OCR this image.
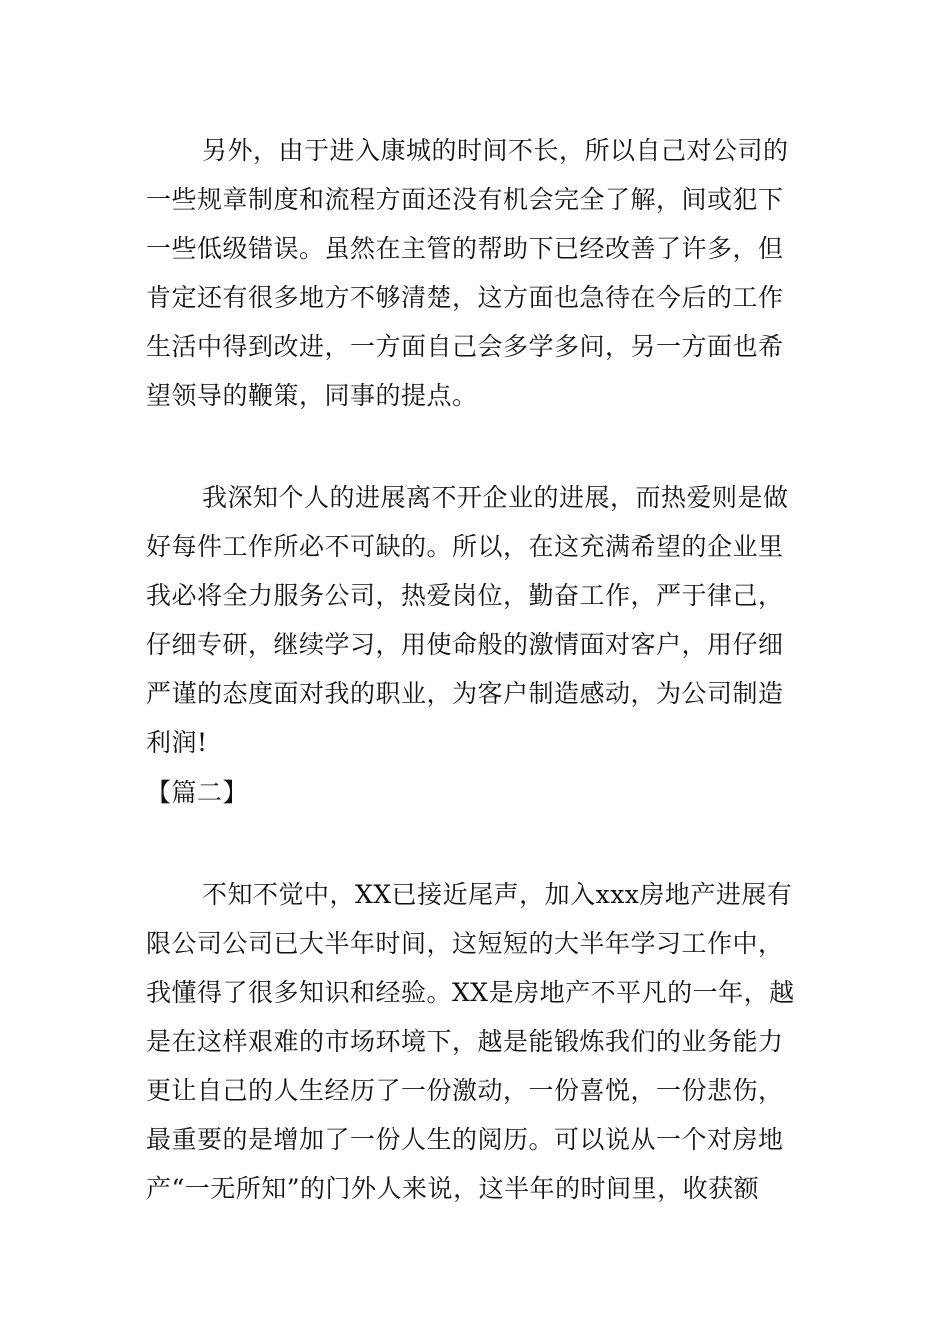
另外，由于进入康城的时间不长，所以自己对公司的
一些规章制度和流程方面还没有机会完全了解，间或犯下
一些低级错误。虽然在主管的帮助下已经改善了许多，但
肯定还有很多地方不够清楚，这方面也急待在今后的工作
生活中得到改进，一方面自己会多学多问，另一方面也希
望领导的鞭策，同事的提点。
我深知个人的进展离不开企业的进展，而热爱则是做
好每件工作所必不可缺的。所以，在这充满希望的企业里
我必将全力服务公司，热爱岗位，勤奋工作，严于律己，
仔细专研，继续学习，用使命般的激情面对客户，用仔细
严谨的态度面对我的职业，为客户制造感动，为公司制造
利润!
【篇二】
不知不觉中，XX已接近尾声，加入xxx房地产进展有
限公司公司已大半年时间，这短短的大半年学习工作中，
我懂得了很多知识和经验。XX是房地产不平凡的一年，越
是在这样艰难的市场环境下，越是能锻炼我们的业务能力
更让自己的人生经历了一份激动，一份喜悦，一份悲伤，
最重要的是增加了一份人生的阅历。可以说从一个对房地
产“一无所知”的门外人来说，这半年的时间里，收获额
